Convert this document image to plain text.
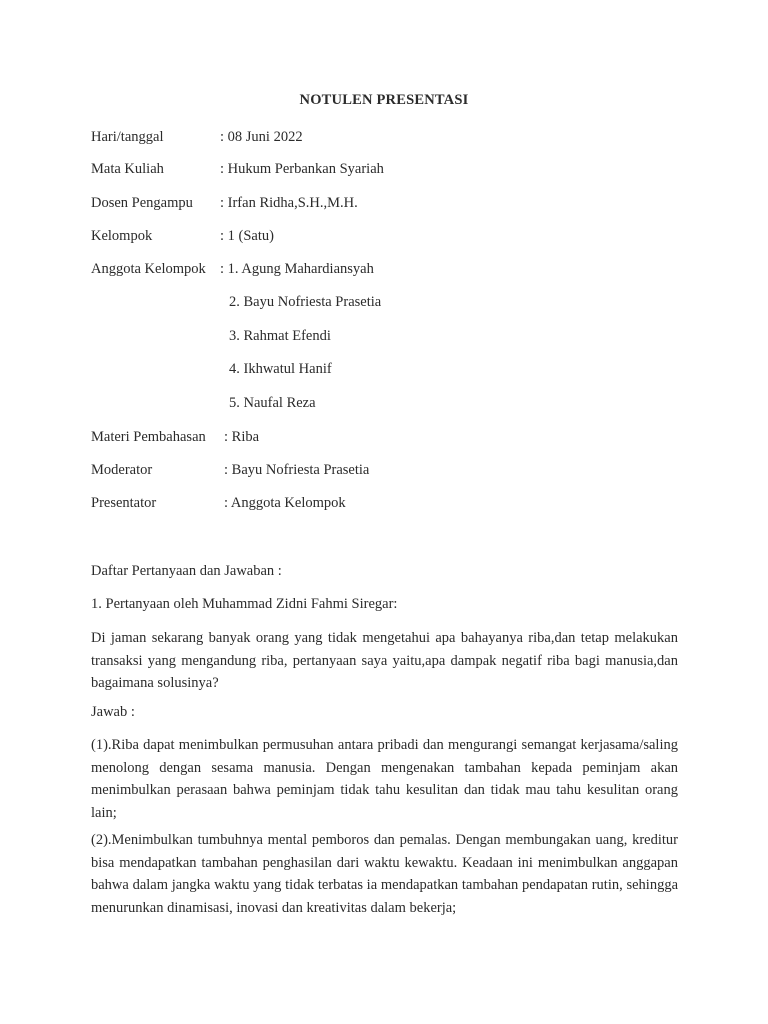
NOTULEN PRESENTASI
Hari/tanggal	: 08 Juni 2022
Mata Kuliah	: Hukum Perbankan Syariah
Dosen Pengampu : Irfan Ridha,S.H.,M.H.
Kelompok	: 1 (Satu)
Anggota Kelompok : 1. Agung Mahardiansyah
2. Bayu Nofriesta Prasetia
3. Rahmat Efendi
4. Ikhwatul Hanif
5. Naufal Reza
Materi Pembahasan : Riba
Moderator	: Bayu Nofriesta Prasetia
Presentator	: Anggota Kelompok
Daftar Pertanyaan dan Jawaban :
1. Pertanyaan oleh Muhammad Zidni Fahmi Siregar:
Di jaman sekarang banyak orang yang tidak mengetahui apa bahayanya riba,dan tetap melakukan transaksi yang mengandung riba, pertanyaan saya yaitu,apa dampak negatif riba bagi manusia,dan bagaimana solusinya?
Jawab :
(1).Riba dapat menimbulkan permusuhan antara pribadi dan mengurangi semangat kerjasama/saling menolong dengan sesama manusia. Dengan mengenakan tambahan kepada peminjam akan menimbulkan perasaan bahwa peminjam tidak tahu kesulitan dan tidak mau tahu kesulitan orang lain;
(2).Menimbulkan tumbuhnya mental pemboros dan pemalas. Dengan membungakan uang, kreditur bisa mendapatkan tambahan penghasilan dari waktu kewaktu. Keadaan ini menimbulkan anggapan bahwa dalam jangka waktu yang tidak terbatas ia mendapatkan tambahan pendapatan rutin, sehingga menurunkan dinamisasi, inovasi dan kreativitas dalam bekerja;
